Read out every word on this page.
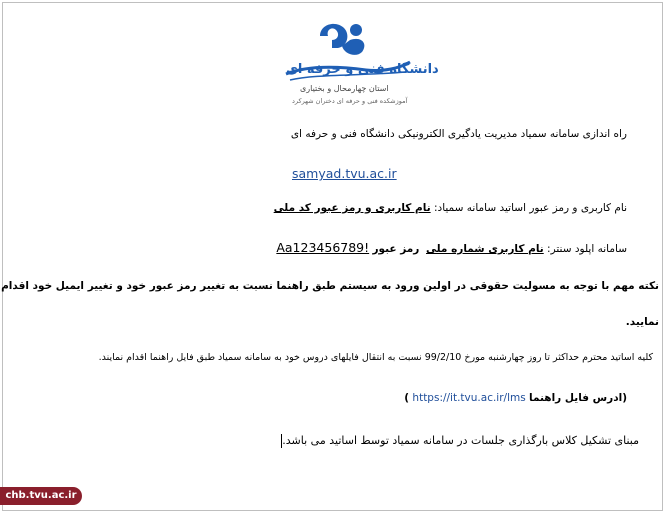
دانشگاه فنی و حرفه ای
استان چهارمحال و بختیاری
آموزشکده فنی و حرفه ای دختران شهرکرد
راه اندازی سامانه سمیاد مدیریت یادگیری الکترونیکی دانشگاه فنی و حرفه ای
samyad.tvu.ac.ir
نام کاربری و رمز عبور اساتید سامانه سمیاد: نام کاربری و رمز عبور کد ملی
سامانه اپلود سنتر: نام کاربری شماره ملی  رمز عبور Aa123456789!
نکته مهم با توجه به مسولیت حقوقی در اولین ورود به سیستم طبق راهنما نسبت به تغییر رمز عبور خود و تغییر ایمیل خود اقدام
نمایید.
کلیه اساتید محترم حداکثر تا روز چهارشنبه مورخ 99/2/10 نسبت به انتقال فایلهای دروس خود به سامانه سمیاد طبق فایل راهنما اقدام نمایند.
(ادرس فایل راهنما https://it.tvu.ac.ir/lms )
مبنای تشکیل کلاس بارگذاری جلسات در سامانه سمیاد توسط اساتید می باشد.
chb.tvu.ac.ir
